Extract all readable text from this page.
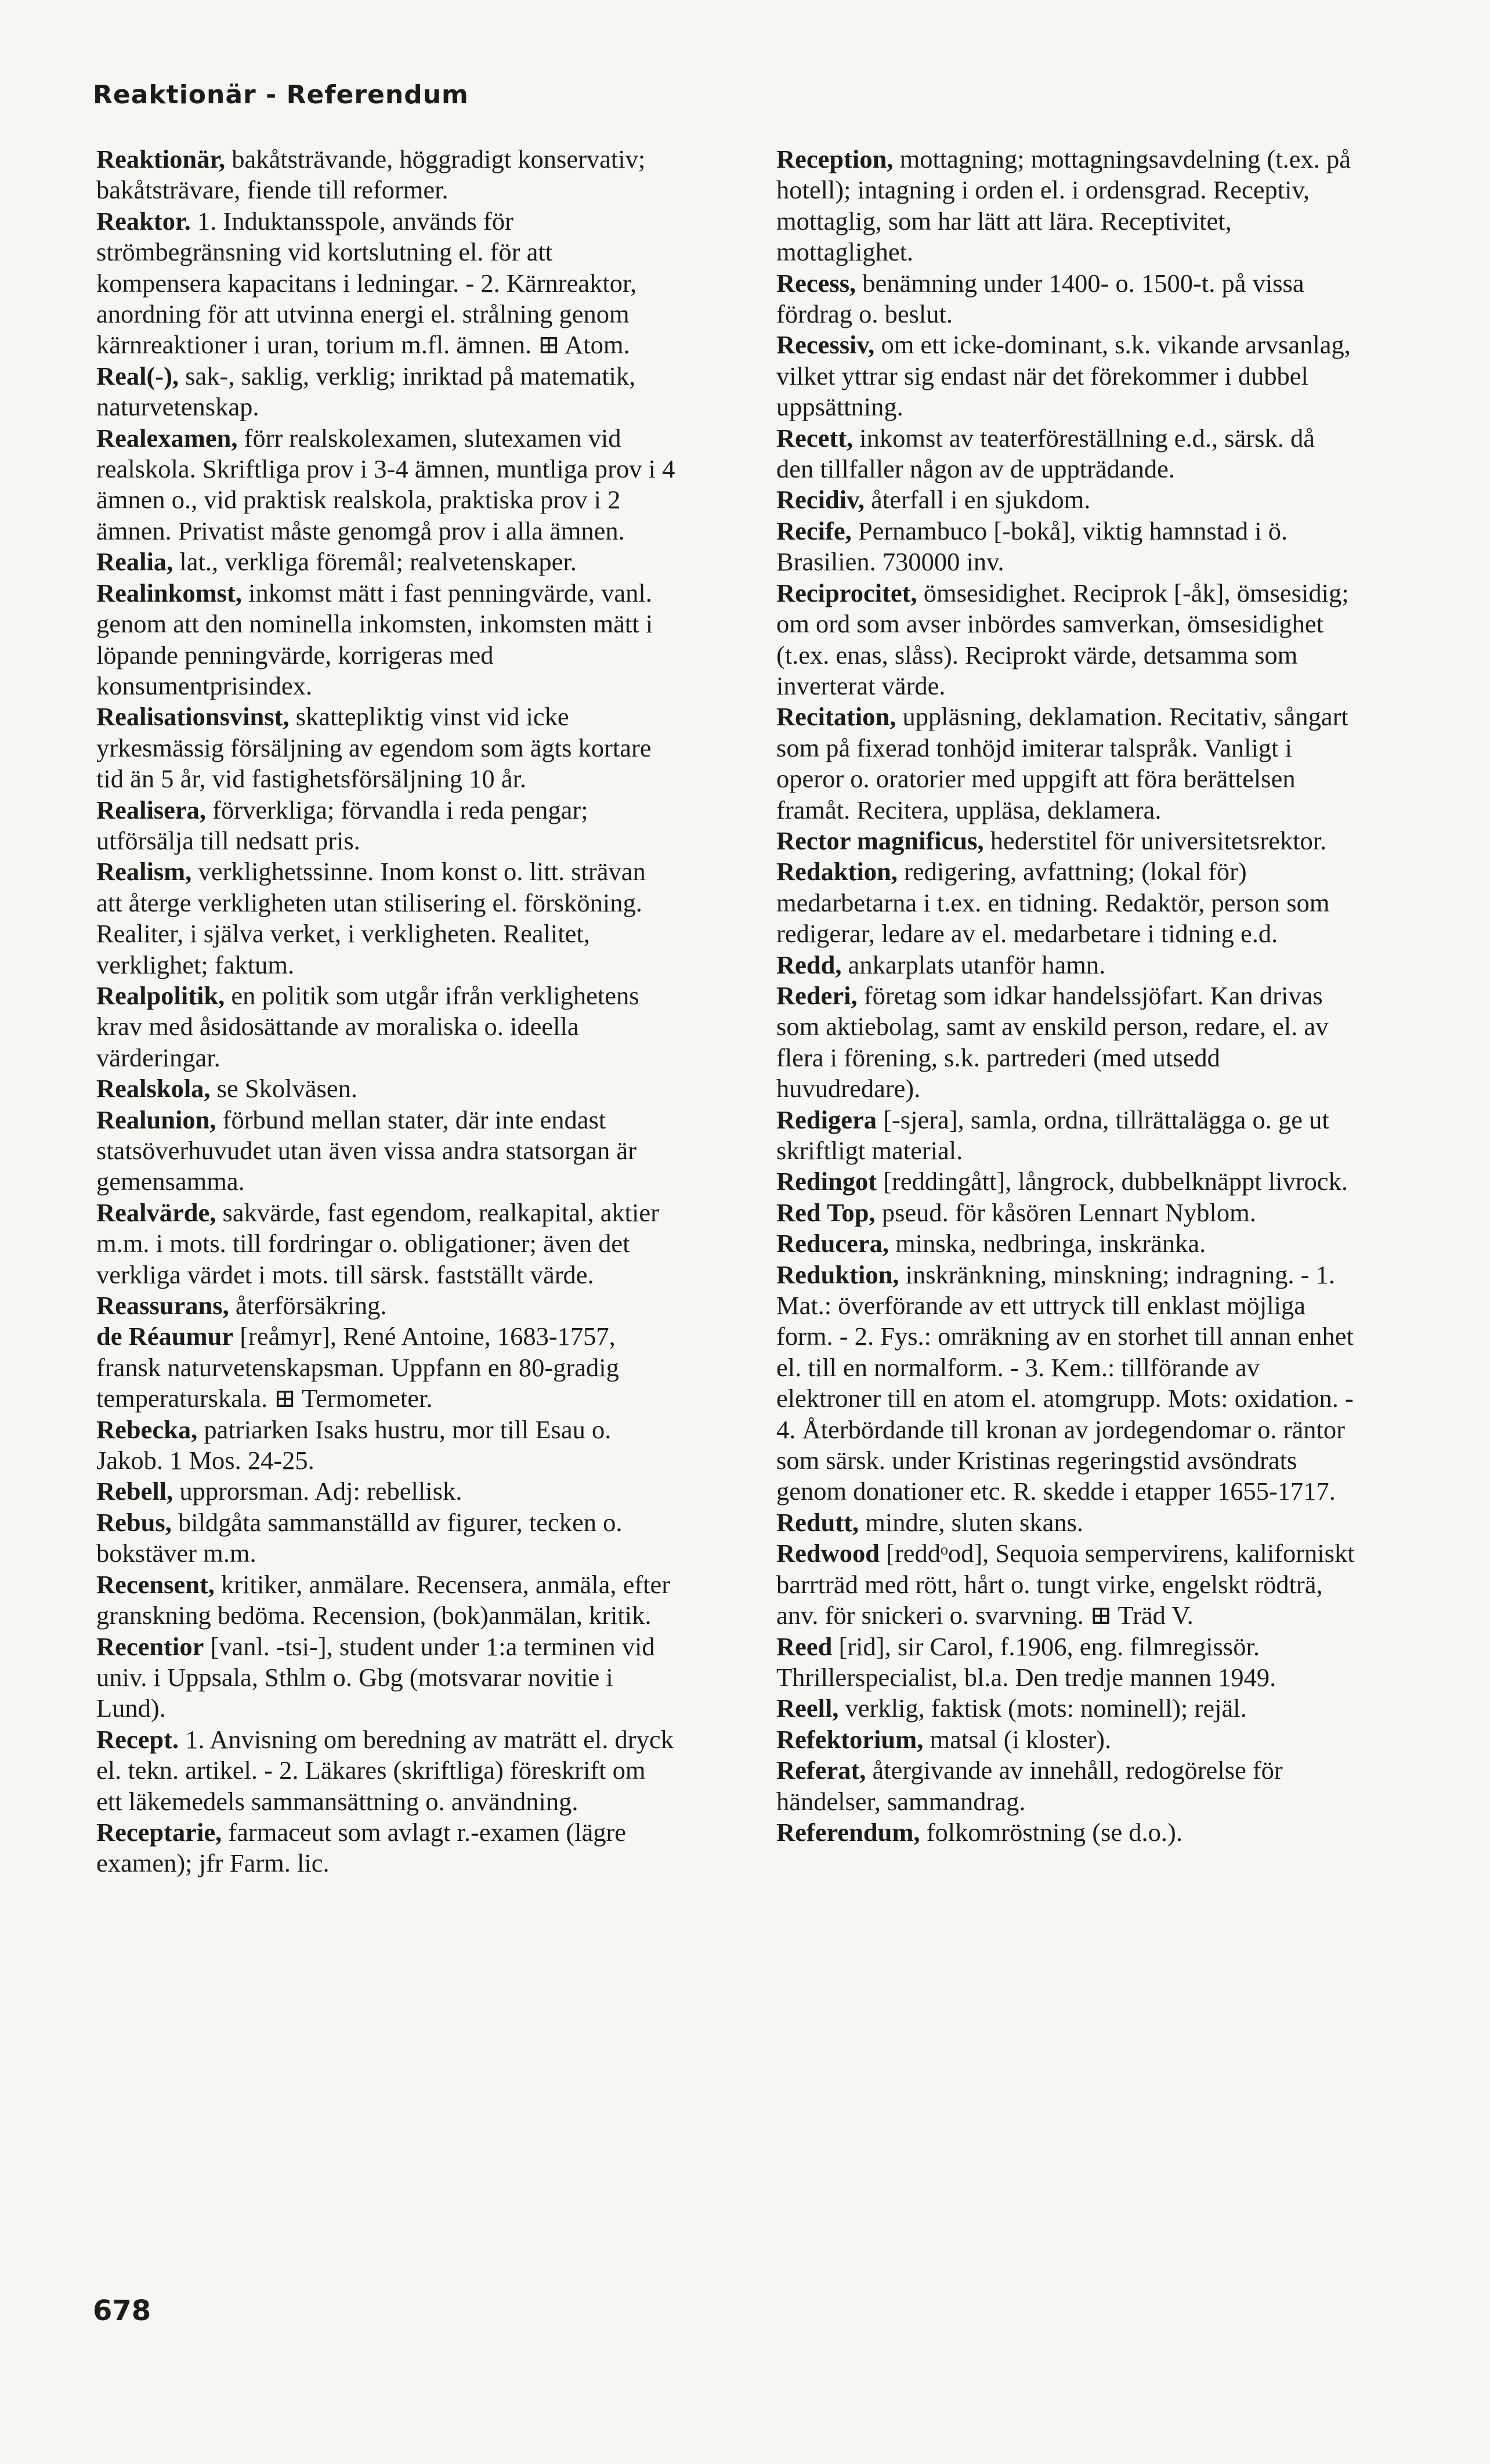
Reaktionär - Referendum

Reaktionär, bakåtsträvande, höggradigt konservativ; bakåtsträvare, fiende till reformer.

Reaktor. 1. Induktansspole, används för strömbegränsning vid kortslutning el. för att kompensera kapacitans i ledningar. - 2. Kärnreaktor, anordning för att utvinna energi el. strålning genom kärnreaktioner i uran, torium m.fl. ämnen. ⊞ Atom.

Real(-), sak-, saklig, verklig; inriktad på matematik, naturvetenskap.

Realexamen, förr realskolexamen, slutexamen vid realskola. Skriftliga prov i 3-4 ämnen, muntliga prov i 4 ämnen o., vid praktisk realskola, praktiska prov i 2 ämnen. Privatist måste genomgå prov i alla ämnen.

Realia, lat., verkliga föremål; realvetenskaper.

Realinkomst, inkomst mätt i fast penningvärde, vanl. genom att den nominella inkomsten, inkomsten mätt i löpande penningvärde, korrigeras med konsumentprisindex.

Realisationsvinst, skattepliktig vinst vid icke yrkesmässig försäljning av egendom som ägts kortare tid än 5 år, vid fastighetsförsäljning 10 år.

Realisera, förverkliga; förvandla i reda pengar; utförsälja till nedsatt pris.

Realism, verklighetssinne. Inom konst o. litt. strävan att återge verkligheten utan stilisering el. försköning. Realiter, i själva verket, i verkligheten. Realitet, verklighet; faktum.

Realpolitik, en politik som utgår ifrån verklighetens krav med åsidosättande av moraliska o. ideella värderingar.

Realskola, se Skolväsen.

Realunion, förbund mellan stater, där inte endast statsöverhuvudet utan även vissa andra statsorgan är gemensamma.

Realvärde, sakvärde, fast egendom, realkapital, aktier m.m. i mots. till fordringar o. obligationer; även det verkliga värdet i mots. till särsk. fastställt värde.

Reassurans, återförsäkring.

de Réaumur [reåmyr], René Antoine, 1683-1757, fransk naturvetenskapsman. Uppfann en 80-gradig temperaturskala. ⊞ Termometer.

Rebecka, patriarken Isaks hustru, mor till Esau o. Jakob. 1 Mos. 24-25.

Rebell, upprorsman. Adj: rebellisk.

Rebus, bildgåta sammanställd av figurer, tecken o. bokstäver m.m.

Recensent, kritiker, anmälare. Recensera, anmäla, efter granskning bedöma. Recension, (bok)anmälan, kritik.

Recentior [vanl. -tsi-], student under 1:a terminen vid univ. i Uppsala, Sthlm o. Gbg (motsvarar novitie i Lund).

Recept. 1. Anvisning om beredning av maträtt el. dryck el. tekn. artikel. - 2. Läkares (skriftliga) föreskrift om ett läkemedels sammansättning o. användning.

Receptarie, farmaceut som avlagt r.-examen (lägre examen); jfr Farm. lic.

Reception, mottagning; mottagningsavdelning (t.ex. på hotell); intagning i orden el. i ordensgrad. Receptiv, mottaglig, som har lätt att lära. Receptivitet, mottaglighet.

Recess, benämning under 1400- o. 1500-t. på vissa fördrag o. beslut.

Recessiv, om ett icke-dominant, s.k. vikande arvsanlag, vilket yttrar sig endast när det förekommer i dubbel uppsättning.

Recett, inkomst av teaterföreställning e.d., särsk. då den tillfaller någon av de uppträdande.

Recidiv, återfall i en sjukdom.

Recife, Pernambuco [-bokå], viktig hamnstad i ö. Brasilien. 730000 inv.

Reciprocitet, ömsesidighet. Reciprok [-åk], ömsesidig; om ord som avser inbördes samverkan, ömsesidighet (t.ex. enas, slåss). Reciprokt värde, detsamma som inverterat värde.

Recitation, uppläsning, deklamation. Recitativ, sångart som på fixerad tonhöjd imiterar talspråk. Vanligt i operor o. oratorier med uppgift att föra berättelsen framåt. Recitera, uppläsa, deklamera.

Rector magnificus, hederstitel för universitetsrektor.

Redaktion, redigering, avfattning; (lokal för) medarbetarna i t.ex. en tidning. Redaktör, person som redigerar, ledare av el. medarbetare i tidning e.d.

Redd, ankarplats utanför hamn.

Rederi, företag som idkar handelssjöfart. Kan drivas som aktiebolag, samt av enskild person, redare, el. av flera i förening, s.k. partrederi (med utsedd huvudredare).

Redigera [-sjera], samla, ordna, tillrättalägga o. ge ut skriftligt material.

Redingot [reddingått], långrock, dubbelknäppt livrock.

Red Top, pseud. för kåsören Lennart Nyblom.

Reducera, minska, nedbringa, inskränka.

Reduktion, inskränkning, minskning; indragning. - 1. Mat.: överförande av ett uttryck till enklast möjliga form. - 2. Fys.: omräkning av en storhet till annan enhet el. till en normalform. - 3. Kem.: tillförande av elektroner till en atom el. atomgrupp. Mots: oxidation. - 4. Återbördande till kronan av jordegendomar o. räntor som särsk. under Kristinas regeringstid avsöndrats genom donationer etc. R. skedde i etapper 1655-1717.

Redutt, mindre, sluten skans.

Redwood [reddᵒod], Sequoia sempervirens, kaliforniskt barrträd med rött, hårt o. tungt virke, engelskt rödträ, anv. för snickeri o. svarvning. ⊞ Träd V.

Reed [rid], sir Carol, f.1906, eng. filmregissör. Thrillerspecialist, bl.a. Den tredje mannen 1949.

Reell, verklig, faktisk (mots: nominell); rejäl.

Refektorium, matsal (i kloster).

Referat, återgivande av innehåll, redogörelse för händelser, sammandrag.

Referendum, folkomröstning (se d.o.).

678
